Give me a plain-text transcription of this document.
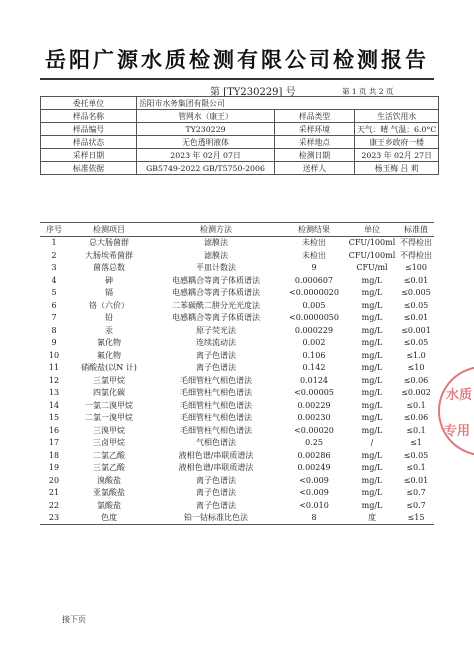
岳阳广源水质检测有限公司检测报告
第 [TY230229] 号	第 1 页 共 2 页
委托单位	岳阳市水务集团有限公司		
样品名称	管网水（康王）	样品类型	生活饮用水
样品编号	TY230229	采样环境	天气：晴 气温：6.0°C
样品状态	无色透明液体	采样地点	康王乡政府一楼
采样日期	2023 年 02月 07日	检测日期	2023 年 02月 27日
标准依据	GB5749-2022 GB/T5750-2006	送样人	杨玉梅 吕 莉
序号	检测项目	检测方法	检测结果	单位	标准值
1	总大肠菌群	滤膜法	未检出	CFU/100ml	不得检出
2	大肠埃希菌群	滤膜法	未检出	CFU/100ml	不得检出
3	菌落总数	平皿计数法	9	CFU/ml	≤100
4	砷	电感耦合等离子体质谱法	0.000607	mg/L	≤0.01
5	镉	电感耦合等离子体质谱法	<0.0000020	mg/L	≤0.005
6	铬（六价）	二苯碳酰二肼分光光度法	0.005	mg/L	≤0.05
7	铅	电感耦合等离子体质谱法	<0.0000050	mg/L	≤0.01
8	汞	原子荧光法	0.000229	mg/L	≤0.001
9	氰化物	连续流动法	0.002	mg/L	≤0.05
10	氟化物	离子色谱法	0.106	mg/L	≤1.0
11	硝酸盐(以N 计)	离子色谱法	0.142	mg/L	≤10
12	三氯甲烷	毛细管柱气相色谱法	0.0124	mg/L	≤0.06
13	四氯化碳	毛细管柱气相色谱法	<0.00005	mg/L	≤0.002
14	一氯二溴甲烷	毛细管柱气相色谱法	0.00229	mg/L	≤0.1
15	二氯一溴甲烷	毛细管柱气相色谱法	0.00230	mg/L	≤0.06
16	三溴甲烷	毛细管柱气相色谱法	<0.00020	mg/L	≤0.1
17	三卤甲烷	气相色谱法	0.25	/	≤1
18	二氯乙酸	液相色谱/串联质谱法	0.00286	mg/L	≤0.05
19	三氯乙酸	液相色谱/串联质谱法	0.00249	mg/L	≤0.1
20	溴酸盐	离子色谱法	<0.009	mg/L	≤0.01
21	亚氯酸盐	离子色谱法	<0.009	mg/L	≤0.7
22	氯酸盐	离子色谱法	<0.010	mg/L	≤0.7
23	色度	铂一钴标准比色法	8	度	≤15
接下页
水质
专用
